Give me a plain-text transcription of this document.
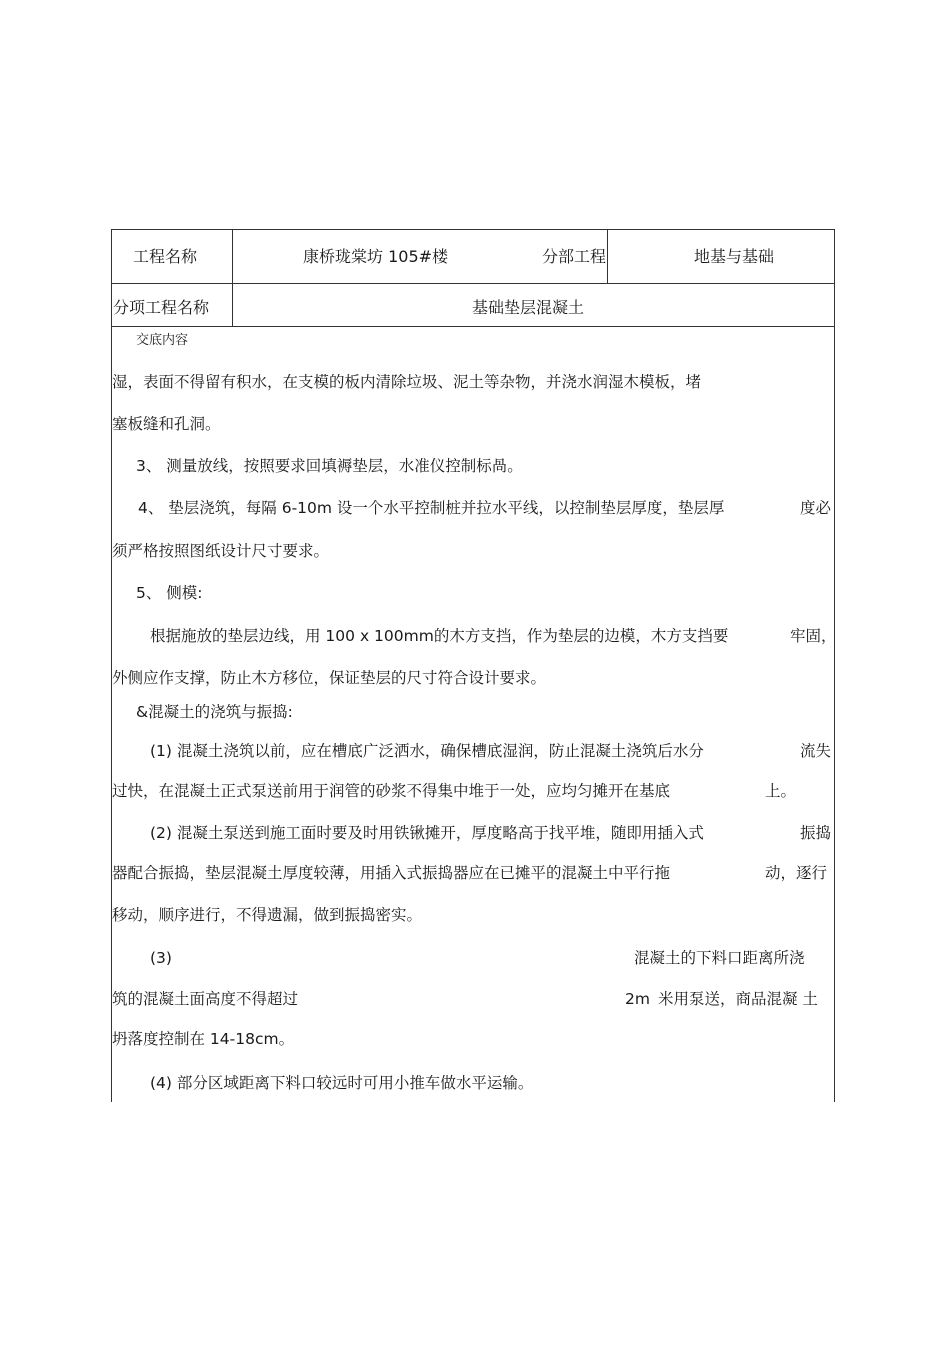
工程名称	康桥珑棠坊 105#楼	分部工程	地基与基础
分项工程名称	基础垫层混凝土
交底内容
湿，表面不得留有积水，在支模的板内清除垃圾、泥土等杂物，并浇水润湿木模板，堵
塞板缝和孔洞。
3、 测量放线，按照要求回填褥垫层，水准仪控制标咼。
4、 垫层浇筑，每隔 6-10m 设一个水平控制桩并拉水平线，以控制垫层厚度，垫层厚	度必
须严格按照图纸设计尺寸要求。
5、 侧模:
根据施放的垫层边线，用 100 x 100mm的木方支挡，作为垫层的边模，木方支挡要	牢固，
外侧应作支撑，防止木方移位，保证垫层的尺寸符合设计要求。
&混凝土的浇筑与振捣:
(1) 混凝土浇筑以前，应在槽底广泛洒水，确保槽底湿润，防止混凝土浇筑后水分	流失
过快，在混凝土正式泵送前用于润管的砂浆不得集中堆于一处，应均匀摊开在基底	上。
(2) 混凝土泵送到施工面时要及时用铁锹摊开，厚度略高于找平堆，随即用插入式	振捣
器配合振捣，垫层混凝土厚度较薄，用插入式振捣器应在已摊平的混凝土中平行拖	动，逐行
移动，顺序进行，不得遗漏，做到振捣密实。
(3)	混凝土的下料口距离所浇
筑的混凝土面高度不得超过	2m 米用泵送，商品混凝 土
坍落度控制在 14-18cm。
(4) 部分区域距离下料口较远时可用小推车做水平运输。
